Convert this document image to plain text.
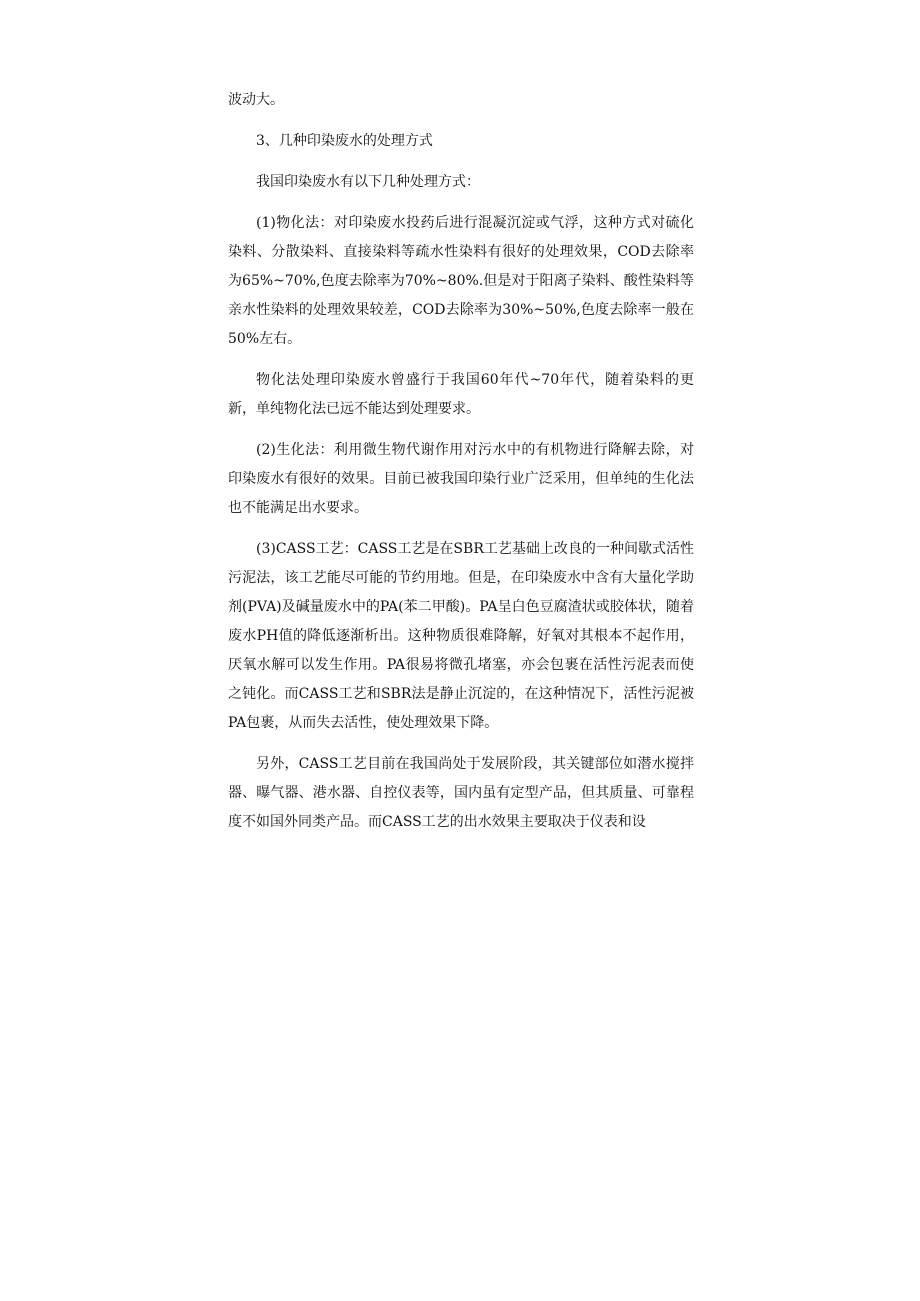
波动大。

3、几种印染废水的处理方式

我国印染废水有以下几种处理方式：

(1)物化法：对印染废水投药后进行混凝沉淀或气浮，这种方式对硫化染料、分散染料、直接染料等疏水性染料有很好的处理效果，COD去除率为65%~70%,色度去除率为70%~80%.但是对于阳离子染料、酸性染料等亲水性染料的处理效果较差，COD去除率为30%~50%,色度去除率一般在50%左右。

物化法处理印染废水曾盛行于我国60年代~70年代，随着染料的更新，单纯物化法已远不能达到处理要求。

(2)生化法：利用微生物代谢作用对污水中的有机物进行降解去除，对印染废水有很好的效果。目前已被我国印染行业广泛采用，但单纯的生化法也不能满足出水要求。

(3)CASS工艺：CASS工艺是在SBR工艺基础上改良的一种间歇式活性污泥法，该工艺能尽可能的节约用地。但是，在印染废水中含有大量化学助剂(PVA)及碱量废水中的PA(苯二甲酸)。PA呈白色豆腐渣状或胶体状，随着废水PH值的降低逐渐析出。这种物质很难降解，好氧对其根本不起作用，厌氧水解可以发生作用。PA很易将微孔堵塞，亦会包裹在活性污泥表而使之钝化。而CASS工艺和SBR法是静止沉淀的，在这种情况下，活性污泥被PA包裹，从而失去活性，使处理效果下降。

另外，CASS工艺目前在我国尚处于发展阶段，其关键部位如潜水搅拌器、曝气器、港水器、自控仪表等，国内虽有定型产品，但其质量、可靠程度不如国外同类产品。而CASS工艺的出水效果主要取决于仪表和设
